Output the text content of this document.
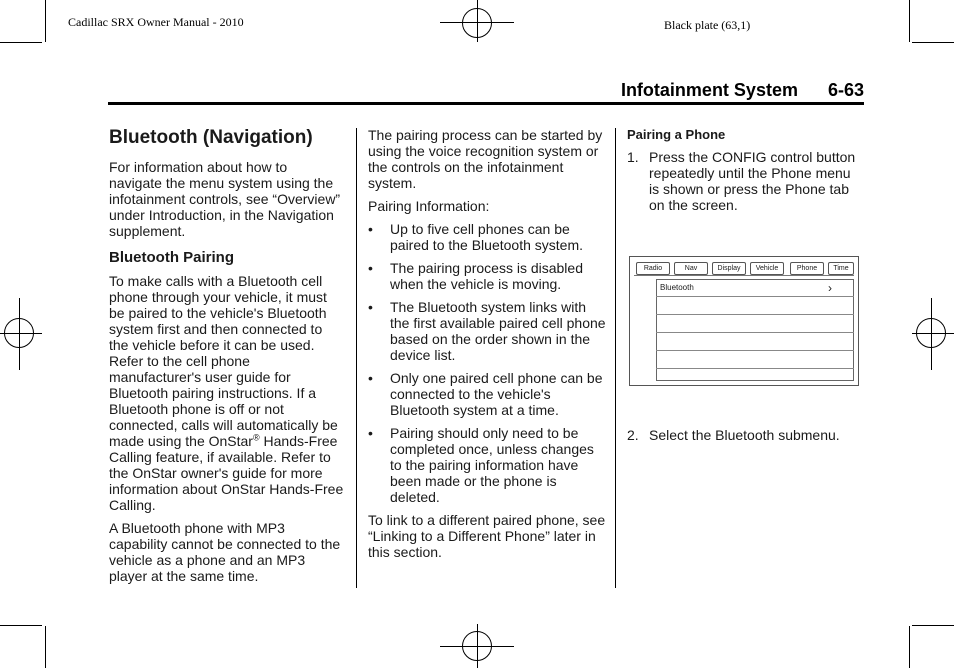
Cadillac SRX Owner Manual - 2010	Black plate (63,1)
Infotainment System 6-63
Bluetooth (Navigation)

For information about how to navigate the menu system using the infotainment controls, see “Overview” under Introduction, in the Navigation supplement.

Bluetooth Pairing

To make calls with a Bluetooth cell phone through your vehicle, it must be paired to the vehicle's Bluetooth system first and then connected to the vehicle before it can be used. Refer to the cell phone manufacturer's user guide for Bluetooth pairing instructions. If a Bluetooth phone is off or not connected, calls will automatically be made using the OnStar® Hands-Free Calling feature, if available. Refer to the OnStar owner's guide for more information about OnStar Hands-Free Calling.

A Bluetooth phone with MP3 capability cannot be connected to the vehicle as a phone and an MP3 player at the same time.

The pairing process can be started by using the voice recognition system or the controls on the infotainment system.

Pairing Information:

• Up to five cell phones can be paired to the Bluetooth system.
• The pairing process is disabled when the vehicle is moving.
• The Bluetooth system links with the first available paired cell phone based on the order shown in the device list.
• Only one paired cell phone can be connected to the vehicle's Bluetooth system at a time.
• Pairing should only need to be completed once, unless changes to the pairing information have been made or the phone is deleted.

To link to a different paired phone, see “Linking to a Different Phone” later in this section.

Pairing a Phone
1. Press the CONFIG control button repeatedly until the Phone menu is shown or press the Phone tab on the screen.
2. Select the Bluetooth submenu.
Radio	Nav	Display	Vehicle	Phone	Time
Bluetooth	›
